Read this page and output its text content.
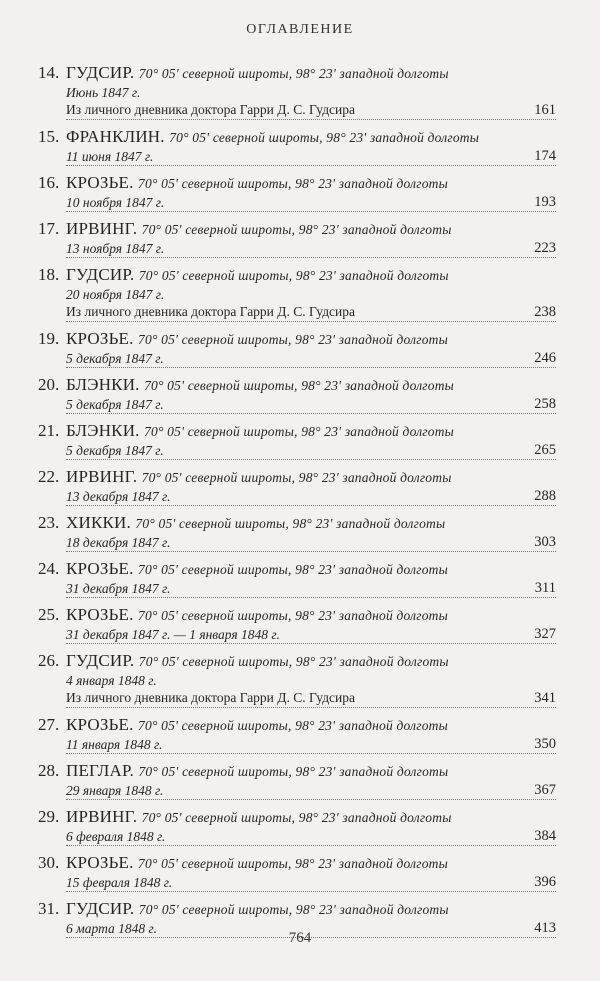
ОГЛАВЛЕНИЕ
14. ГУДСИР. 70° 05' северной широты, 98° 23' западной долготы
Июнь 1847 г.
Из личного дневника доктора Гарри Д. С. Гудсира	161
15. ФРАНКЛИН. 70° 05' северной широты, 98° 23' западной долготы
11 июня 1847 г.	174
16. КРОЗЬЕ. 70° 05' северной широты, 98° 23' западной долготы
10 ноября 1847 г.	193
17. ИРВИНГ. 70° 05' северной широты, 98° 23' западной долготы
13 ноября 1847 г.	223
18. ГУДСИР. 70° 05' северной широты, 98° 23' западной долготы
20 ноября 1847 г.
Из личного дневника доктора Гарри Д. С. Гудсира	238
19. КРОЗЬЕ. 70° 05' северной широты, 98° 23' западной долготы
5 декабря 1847 г.	246
20. БЛЭНКИ. 70° 05' северной широты, 98° 23' западной долготы
5 декабря 1847 г.	258
21. БЛЭНКИ. 70° 05' северной широты, 98° 23' западной долготы
5 декабря 1847 г.	265
22. ИРВИНГ. 70° 05' северной широты, 98° 23' западной долготы
13 декабря 1847 г.	288
23. ХИККИ. 70° 05' северной широты, 98° 23' западной долготы
18 декабря 1847 г.	303
24. КРОЗЬЕ. 70° 05' северной широты, 98° 23' западной долготы
31 декабря 1847 г.	311
25. КРОЗЬЕ. 70° 05' северной широты, 98° 23' западной долготы
31 декабря 1847 г. — 1 января 1848 г.	327
26. ГУДСИР. 70° 05' северной широты, 98° 23' западной долготы
4 января 1848 г.
Из личного дневника доктора Гарри Д. С. Гудсира	341
27. КРОЗЬЕ. 70° 05' северной широты, 98° 23' западной долготы
11 января 1848 г.	350
28. ПЕГЛАР. 70° 05' северной широты, 98° 23' западной долготы
29 января 1848 г.	367
29. ИРВИНГ. 70° 05' северной широты, 98° 23' западной долготы
6 февраля 1848 г.	384
30. КРОЗЬЕ. 70° 05' северной широты, 98° 23' западной долготы
15 февраля 1848 г.	396
31. ГУДСИР. 70° 05' северной широты, 98° 23' западной долготы
6 марта 1848 г.	413
764
